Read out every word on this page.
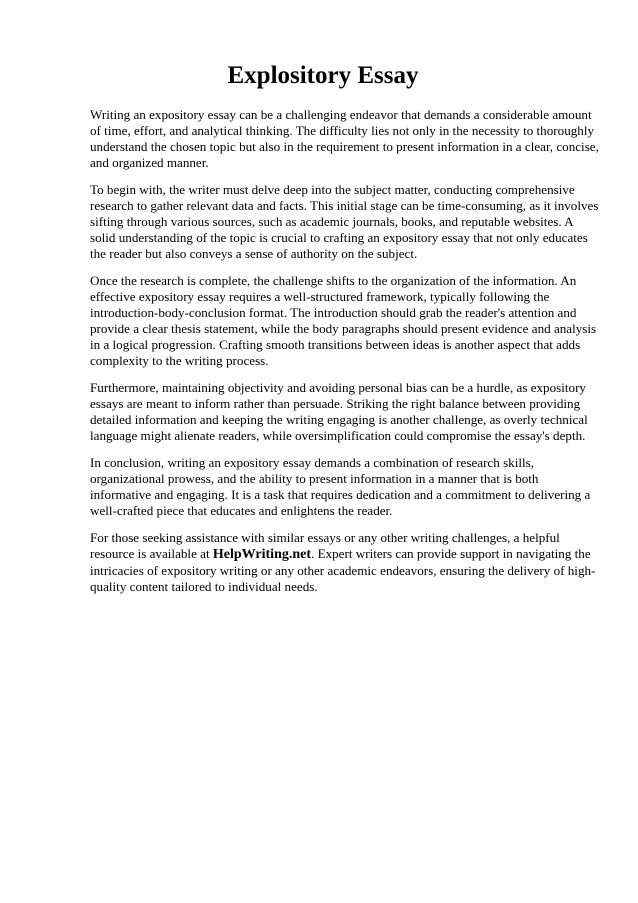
Explository Essay

Writing an expository essay can be a challenging endeavor that demands a considerable amount
of time, effort, and analytical thinking. The difficulty lies not only in the necessity to thoroughly
understand the chosen topic but also in the requirement to present information in a clear, concise,
and organized manner.

To begin with, the writer must delve deep into the subject matter, conducting comprehensive
research to gather relevant data and facts. This initial stage can be time-consuming, as it involves
sifting through various sources, such as academic journals, books, and reputable websites. A
solid understanding of the topic is crucial to crafting an expository essay that not only educates
the reader but also conveys a sense of authority on the subject.

Once the research is complete, the challenge shifts to the organization of the information. An
effective expository essay requires a well-structured framework, typically following the
introduction-body-conclusion format. The introduction should grab the reader's attention and
provide a clear thesis statement, while the body paragraphs should present evidence and analysis
in a logical progression. Crafting smooth transitions between ideas is another aspect that adds
complexity to the writing process.

Furthermore, maintaining objectivity and avoiding personal bias can be a hurdle, as expository
essays are meant to inform rather than persuade. Striking the right balance between providing
detailed information and keeping the writing engaging is another challenge, as overly technical
language might alienate readers, while oversimplification could compromise the essay's depth.

In conclusion, writing an expository essay demands a combination of research skills,
organizational prowess, and the ability to present information in a manner that is both
informative and engaging. It is a task that requires dedication and a commitment to delivering a
well-crafted piece that educates and enlightens the reader.

For those seeking assistance with similar essays or any other writing challenges, a helpful
resource is available at HelpWriting.net. Expert writers can provide support in navigating the
intricacies of expository writing or any other academic endeavors, ensuring the delivery of high-
quality content tailored to individual needs.
